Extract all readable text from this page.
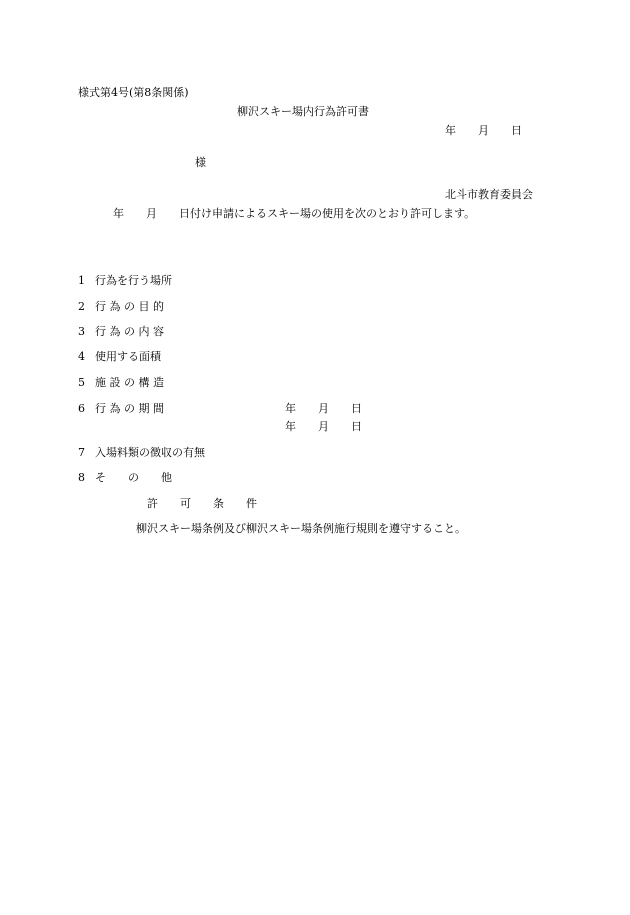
様式第4号(第8条関係)
柳沢スキー場内行為許可書
年　　月　　日
様
北斗市教育委員会
年　　月　　日付け申請によるスキー場の使用を次のとおり許可します。
1 行為を行う場所
2 行 為 の 目 的
3 行 為 の 内 容
4 使用する面積
5 施 設 の 構 造
6 行 為 の 期 間	年　　月　　日
年　　月　　日
7 入場料類の徴収の有無
8 そ　　の　　他
許　　可　　条　　件
柳沢スキー場条例及び柳沢スキー場条例施行規則を遵守すること。
